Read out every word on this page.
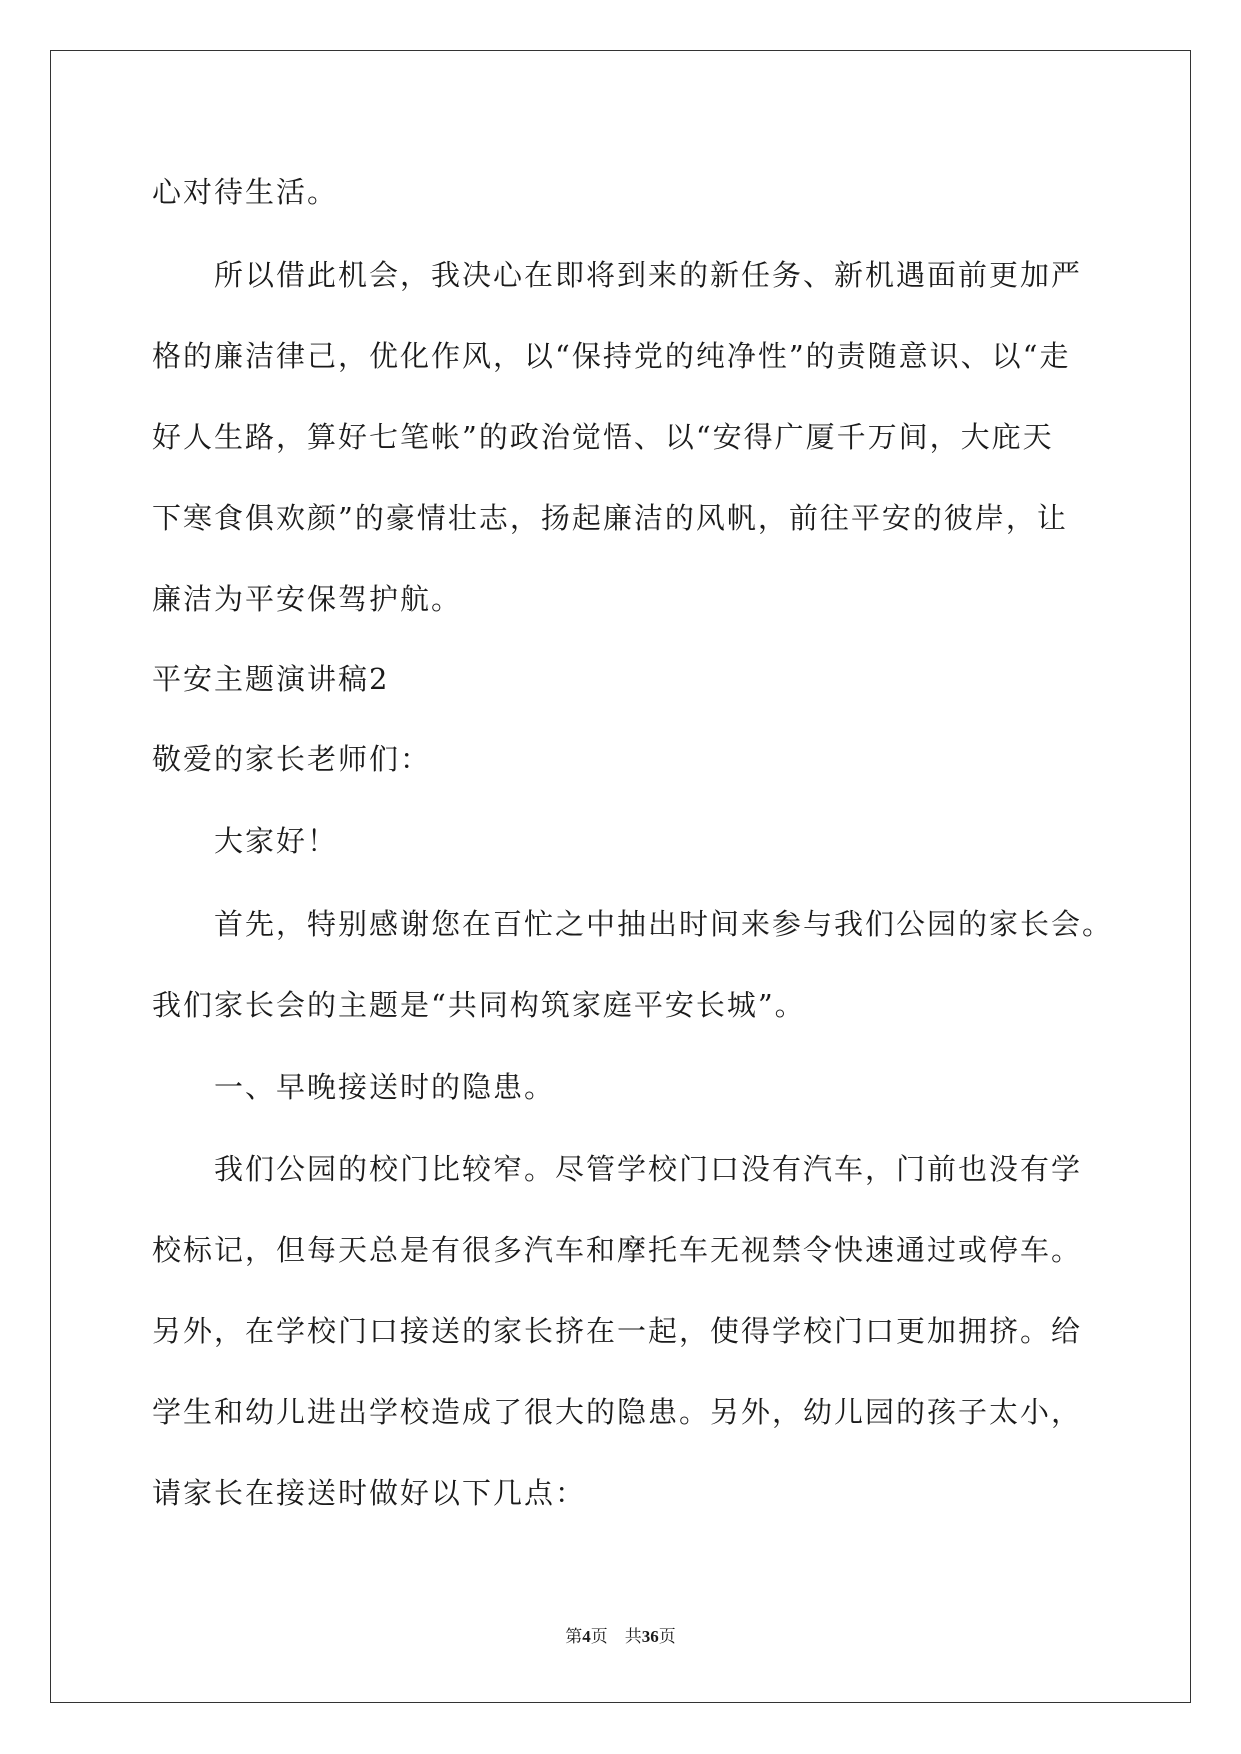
心对待生活。
　　所以借此机会，我决心在即将到来的新任务、新机遇面前更加严
格的廉洁律己，优化作风，以“保持党的纯净性”的责随意识、以“走
好人生路，算好七笔帐”的政治觉悟、以“安得广厦千万间，大庇天
下寒食俱欢颜”的豪情壮志，扬起廉洁的风帆，前往平安的彼岸，让
廉洁为平安保驾护航。
平安主题演讲稿2
敬爱的家长老师们：
　　大家好！
　　首先，特别感谢您在百忙之中抽出时间来参与我们公园的家长会。
我们家长会的主题是“共同构筑家庭平安长城”。
　　一、早晚接送时的隐患。
　　我们公园的校门比较窄。尽管学校门口没有汽车，门前也没有学
校标记，但每天总是有很多汽车和摩托车无视禁令快速通过或停车。
另外，在学校门口接送的家长挤在一起，使得学校门口更加拥挤。给
学生和幼儿进出学校造成了很大的隐患。另外，幼儿园的孩子太小，
请家长在接送时做好以下几点：
第4页　共36页
